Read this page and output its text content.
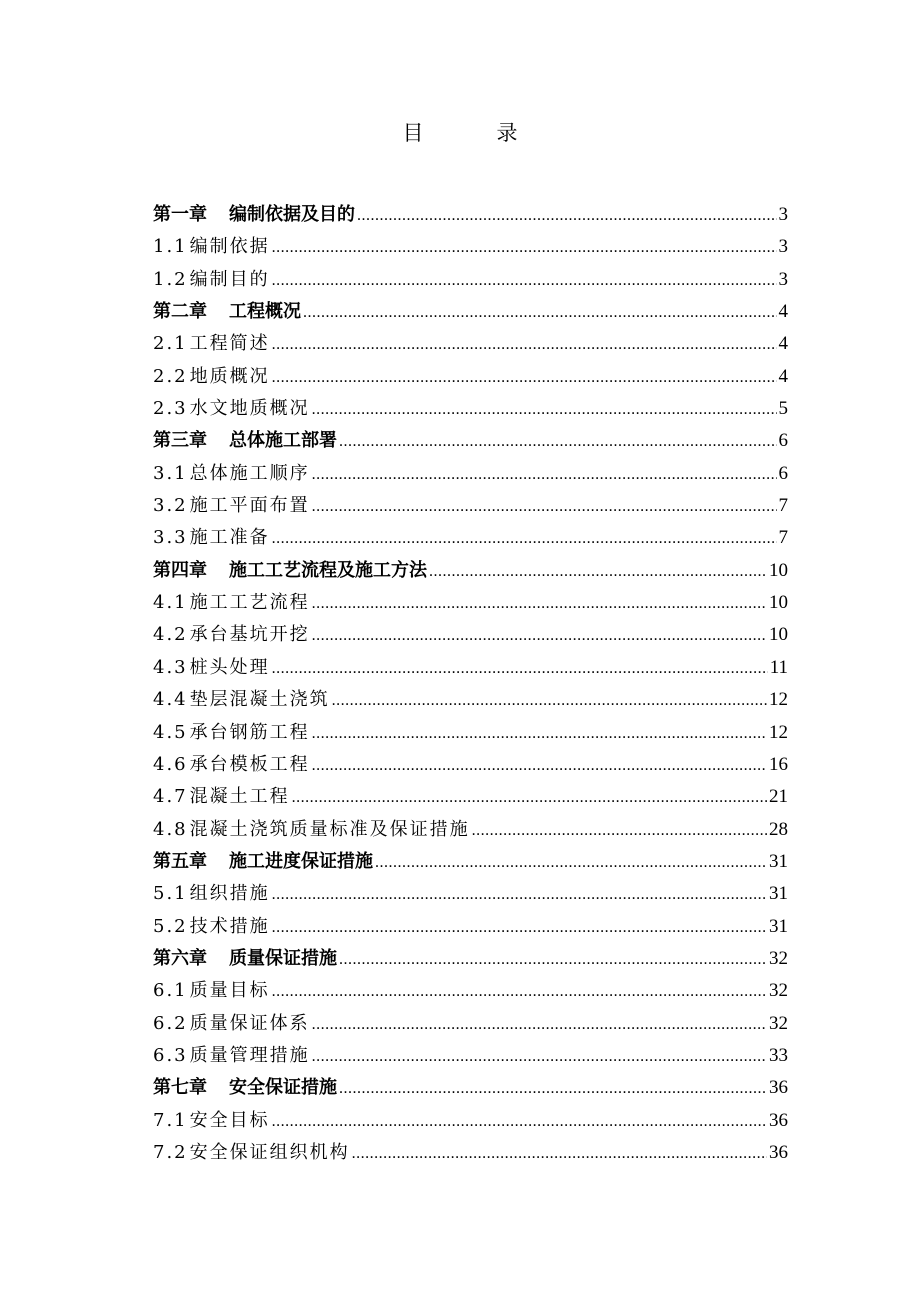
目　录
第一章 编制依据及目的 .....	3
1.1 编制依据 .....	3
1.2 编制目的 .....	3
第二章 工程概况 .....	4
2.1 工程简述 .....	4
2.2 地质概况 .....	4
2.3 水文地质概况 .....	5
第三章 总体施工部署 .....	6
3.1 总体施工顺序 .....	6
3.2 施工平面布置 .....	7
3.3 施工准备 .....	7
第四章 施工工艺流程及施工方法 .....	10
4.1 施工工艺流程 .....	10
4.2 承台基坑开挖 .....	10
4.3 桩头处理 .....	11
4.4 垫层混凝土浇筑 .....	12
4.5 承台钢筋工程 .....	12
4.6 承台模板工程 .....	16
4.7 混凝土工程 .....	21
4.8 混凝土浇筑质量标准及保证措施 .....	28
第五章 施工进度保证措施 .....	31
5.1 组织措施 .....	31
5.2 技术措施 .....	31
第六章 质量保证措施 .....	32
6.1 质量目标 .....	32
6.2 质量保证体系 .....	32
6.3 质量管理措施 .....	33
第七章 安全保证措施 .....	36
7.1 安全目标 .....	36
7.2 安全保证组织机构 .....	36
